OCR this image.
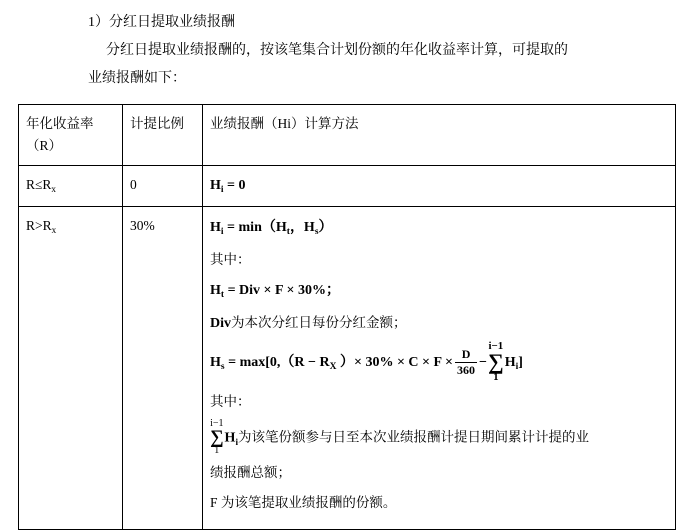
1）分红日提取业绩报酬

分红日提取业绩报酬的，按该笔集合计划份额的年化收益率计算，可提取的

业绩报酬如下：

年化收益率
（R）	计提比例	业绩报酬（Hi）计算方法
$R\le R_x$	0	$H_i = 0$
$R>R_x$	30%	$H_i = \min(H_t$，$H_s$）

其中：

$H_t$ = Div × F × 30%；

Div为本次分红日每份分红金额；

$H_s = \max[0,(R - R_X$ ）× $30\% \times C \times F \times \frac{D}{360}$ −
i−1
∑
1
$H_i$]

其中：

i−1
∑
$1H_i$为该笔份额参与日至本次业绩报酬计提日期间累计计提的业

绩报酬总额；

F 为该笔提取业绩报酬的份额。
